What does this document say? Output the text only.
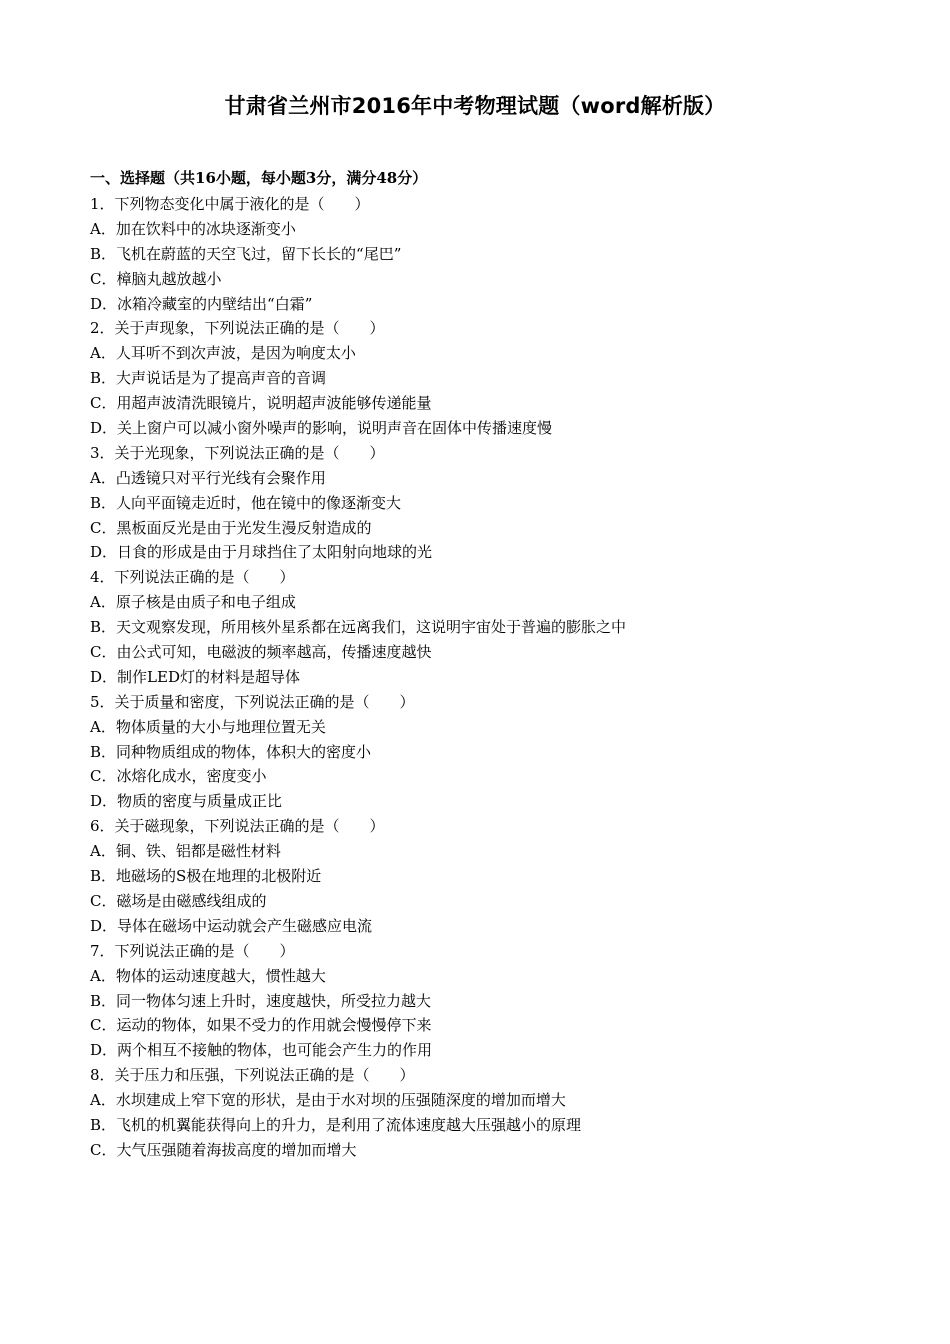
甘肃省兰州市2016年中考物理试题（word解析版）
一、选择题（共16小题，每小题3分，满分48分）
1．下列物态变化中属于液化的是（　　）
A．加在饮料中的冰块逐渐变小
B．飞机在蔚蓝的天空飞过，留下长长的“尾巴”
C．樟脑丸越放越小
D．冰箱冷藏室的内壁结出“白霜”
2．关于声现象，下列说法正确的是（　　）
A．人耳听不到次声波，是因为响度太小
B．大声说话是为了提高声音的音调
C．用超声波清洗眼镜片，说明超声波能够传递能量
D．关上窗户可以减小窗外噪声的影响，说明声音在固体中传播速度慢
3．关于光现象，下列说法正确的是（　　）
A．凸透镜只对平行光线有会聚作用
B．人向平面镜走近时，他在镜中的像逐渐变大
C．黑板面反光是由于光发生漫反射造成的
D．日食的形成是由于月球挡住了太阳射向地球的光
4．下列说法正确的是（　　）
A．原子核是由质子和电子组成
B．天文观察发现，所用核外星系都在远离我们，这说明宇宙处于普遍的膨胀之中
C．由公式可知，电磁波的频率越高，传播速度越快
D．制作LED灯的材料是超导体
5．关于质量和密度，下列说法正确的是（　　）
A．物体质量的大小与地理位置无关
B．同种物质组成的物体，体积大的密度小
C．冰熔化成水，密度变小
D．物质的密度与质量成正比
6．关于磁现象，下列说法正确的是（　　）
A．铜、铁、铝都是磁性材料
B．地磁场的S极在地理的北极附近
C．磁场是由磁感线组成的
D．导体在磁场中运动就会产生磁感应电流
7．下列说法正确的是（　　）
A．物体的运动速度越大，惯性越大
B．同一物体匀速上升时，速度越快，所受拉力越大
C．运动的物体，如果不受力的作用就会慢慢停下来
D．两个相互不接触的物体，也可能会产生力的作用
8．关于压力和压强，下列说法正确的是（　　）
A．水坝建成上窄下宽的形状，是由于水对坝的压强随深度的增加而增大
B．飞机的机翼能获得向上的升力，是利用了流体速度越大压强越小的原理
C．大气压强随着海拔高度的增加而增大
